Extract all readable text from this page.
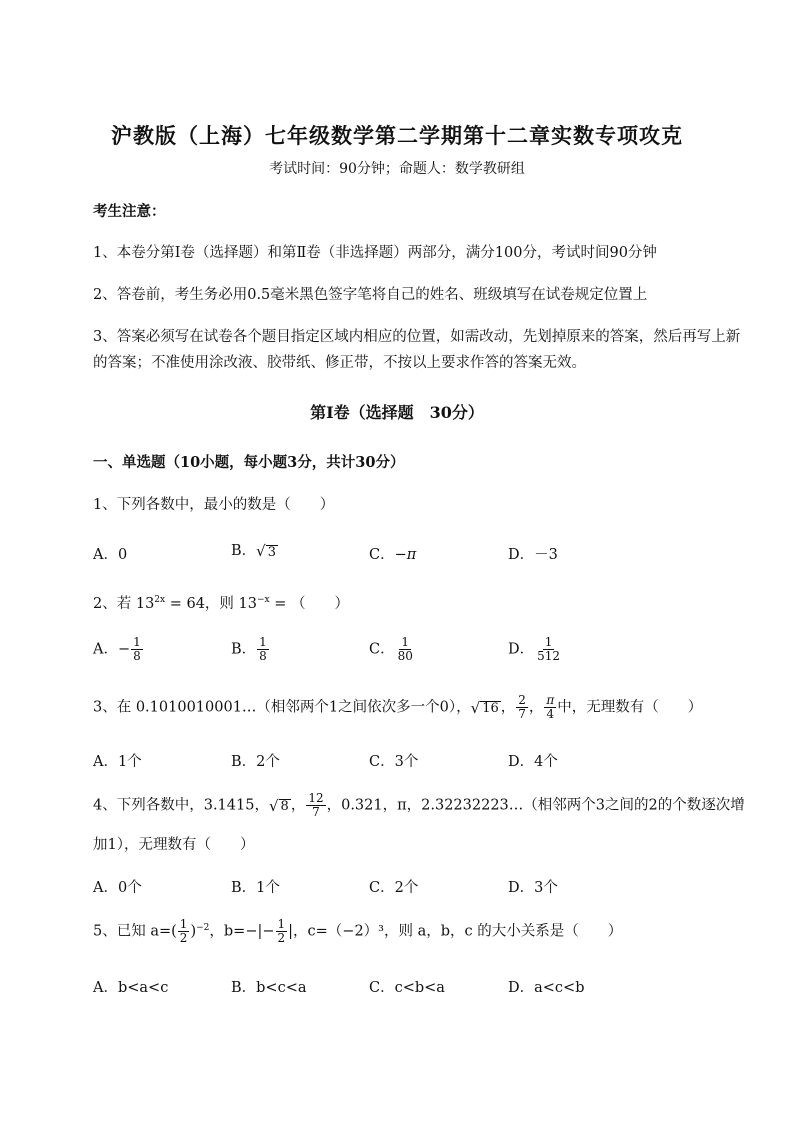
沪教版（上海）七年级数学第二学期第十二章实数专项攻克
考试时间：90分钟；命题人：数学教研组
考生注意：
1、本卷分第I卷（选择题）和第Ⅱ卷（非选择题）两部分，满分100分，考试时间90分钟
2、答卷前，考生务必用0.5毫米黑色签字笔将自己的姓名、班级填写在试卷规定位置上
3、答案必须写在试卷各个题目指定区域内相应的位置，如需改动，先划掉原来的答案，然后再写上新
的答案；不准使用涂改液、胶带纸、修正带，不按以上要求作答的答案无效。
第I卷（选择题　30分）
一、单选题（10小题，每小题3分，共计30分）
1、下列各数中，最小的数是（　　）
A．0	B． √ 3	C．−π	D．－3
2、若 $13^{2x} = 64$，则 $13^{-x}$ = （　　）
A．− $\frac{1}{8}$	B． $\frac{1}{8}$	C． $\frac{1}{80}$	D． $\frac{1}{512}$
3、在 0.1010010001…（相邻两个1之间依次多一个0）， √ 16 ， $\frac{2}{7}$ ， $\frac{\pi}{4}$ 中，无理数有（　　）
A．1个	B．2个	C．3个	D．4个
4、下列各数中，3.1415， √ 8 ， $\frac{12}{7}$ ，0.321，π，2.32232223…（相邻两个3之间的2的个数逐次增
加1），无理数有（　　）
A．0个	B．1个	C．2个	D．3个
5、已知 $a=( \frac{1}{2} )^{-2}$，$b=-|- \frac{1}{2}$ |，c=（−2）³，则 a，b，c 的大小关系是（　　）
A．b<a<c	B．b<c<a	C．c<b<a	D．a<c<b
